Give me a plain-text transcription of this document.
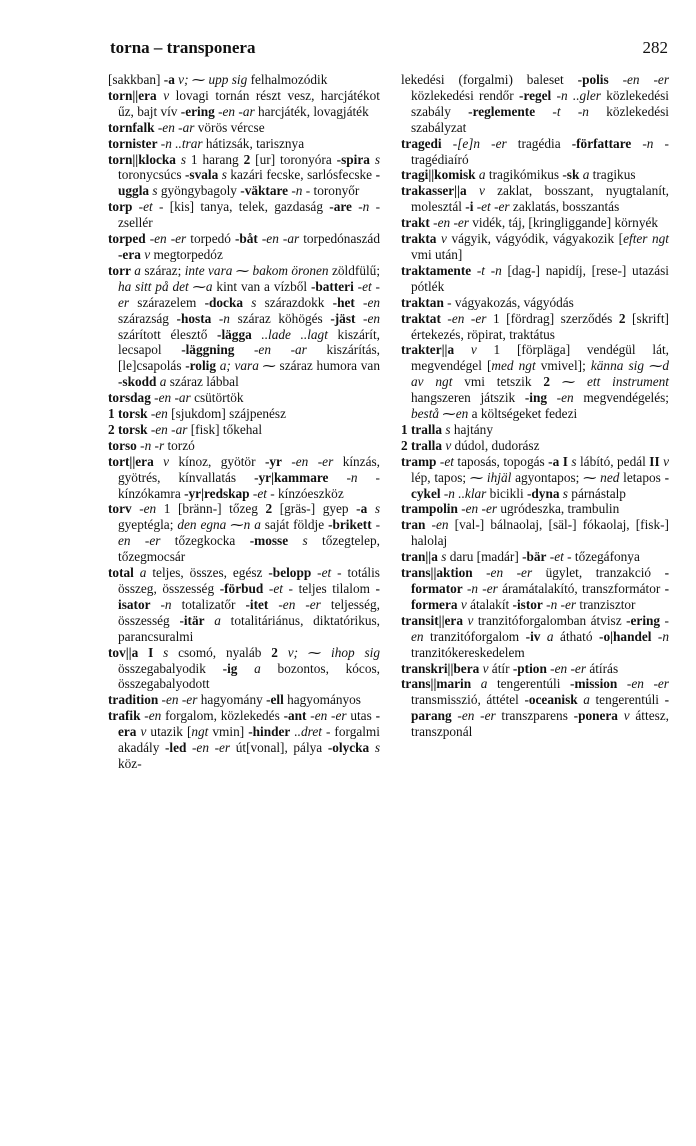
torna – transponera	282

[sakkban] -a v; ⁓ upp sig felhalmozódik

torn||era v lovagi tornán részt vesz, harcjátékot űz, bajt vív -ering -en -ar harcjáték, lovagjáték

tornfalk -en -ar vörös vércse

tornister -n ..trar hátizsák, tarisznya

torn||klocka s 1 harang 2 [ur] toronyóra -spira s toronycsúcs -svala s kazári fecske, sarlósfecske -uggla s gyöngybagoly -väktare -n - toronyőr

torp -et - [kis] tanya, telek, gazdaság -are -n - zsellér

torped -en -er torpedó -båt -en -ar torpedónaszád -era v megtorpedóz

torr a száraz; inte vara ⁓ bakom öronen zöldfülű; ha sitt på det ⁓a kint van a vízből -batteri -et -er szárazelem -docka s szárazdokk -het -en szárazság -hosta -n száraz köhögés -jäst -en szárított élesztő -lägga ..lade ..lagt kiszárít, lecsapol -läggning -en -ar kiszárítás, [le]csapolás -rolig a; vara ⁓ száraz humora van -skodd a száraz lábbal

torsdag -en -ar csütörtök

1 torsk -en [sjukdom] szájpenész

2 torsk -en -ar [fisk] tőkehal

torso -n -r torzó

tort||era v kínoz, gyötör -yr -en -er kínzás, gyötrés, kínvallatás -yr|kammare -n - kínzókamra -yr|redskap -et - kínzóeszköz

torv -en 1 [bränn-] tőzeg 2 [gräs-] gyep -a s gyeptégla; den egna ⁓n a saját földje -brikett -en -er tőzegkocka -mosse s tőzegtelep, tőzegmocsár

total a teljes, összes, egész -belopp -et - totális összeg, összesség -förbud -et - teljes tilalom -isator -n totalizatőr -itet -en -er teljesség, összesség -itär a totalitáriánus, diktatórikus, parancsuralmi

tov||a I s csomó, nyaláb 2 v; ⁓ ihop sig összegabalyodik -ig a bozontos, kócos, összegabalyodott

tradition -en -er hagyomány -ell hagyományos

trafik -en forgalom, közlekedés -ant -en -er utas -era v utazik [ngt vmin] -hinder ..dret - forgalmi akadály -led -en -er út[vonal], pálya -olycka s köz-

lekedési (forgalmi) baleset -polis -en -er közlekedési rendőr -regel -n ..gler közlekedési szabály -reglemente -t -n közlekedési szabályzat

tragedi -[e]n -er tragédia -författare -n - tragédiaíró

tragi||komisk a tragikómikus -sk a tragikus

trakasser||a v zaklat, bosszant, nyugtalanít, molesztál -i -et -er zaklatás, bosszantás

trakt -en -er vidék, táj, [kringliggande] környék

trakta v vágyik, vágyódik, vágyakozik [efter ngt vmi után]

traktamente -t -n [dag-] napidíj, [rese-] utazási pótlék

traktan - vágyakozás, vágyódás

traktat -en -er 1 [fördrag] szerződés 2 [skrift] értekezés, röpirat, traktátus

trakter||a v 1 [förpläga] vendégül lát, megvendégel [med ngt vmivel]; känna sig ⁓d av ngt vmi tetszik 2 ⁓ ett instrument hangszeren játszik -ing -en megvendégelés; bestå ⁓en a költségeket fedezi

1 tralla s hajtány

2 tralla v dúdol, dudorász

tramp -et taposás, topogás -a I s lábító, pedál II v lép, tapos; ⁓ ihjäl agyontapos; ⁓ ned letapos -cykel -n ..klar bicikli -dyna s párnástalp

trampolin -en -er ugródeszka, trambulin

tran -en [val-] bálnaolaj, [säl-] fókaolaj, [fisk-] halolaj

tran||a s daru [madár] -bär -et - tőzegáfonya

trans||aktion -en -er ügylet, tranzakció -formator -n -er áramátalakító, transzformátor -formera v átalakít -istor -n -er tranzisztor

transit||era v tranzitóforgalomban átvisz -ering -en tranzitóforgalom -iv a átható -o|handel -n tranzitókereskedelem

transkri||bera v átír -ption -en -er átírás

trans||marin a tengerentúli -mission -en -er transmisszió, áttétel -oceanisk a tengerentúli -parang -en -er transzparens -ponera v áttesz, transzponál
